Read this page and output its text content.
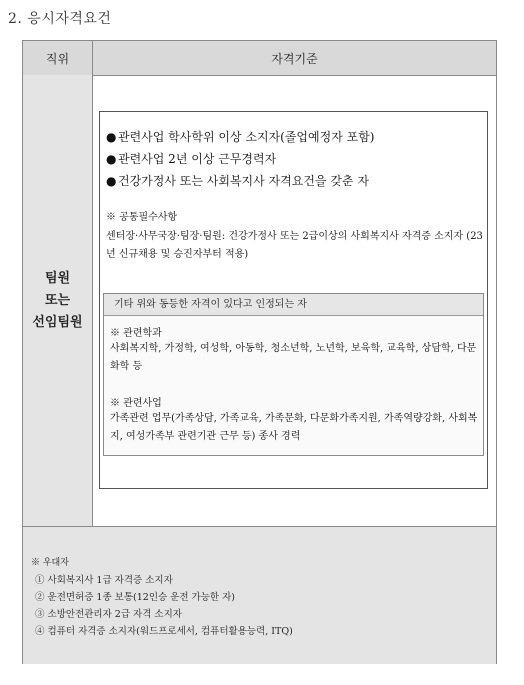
2. 응시자격요건
직위	자격기준
팀원
또는
선임팀원
● 관련사업 학사학위 이상 소지자(졸업예정자 포함)
● 관련사업 2년 이상 근무경력자
● 건강가정사 또는 사회복지사 자격요건을 갖춘 자
※ 공통필수사항
센터장·사무국장·팀장·팀원: 건강가정사 또는 2급이상의 사회복지사 자격증 소지자 (23년 신규채용 및 승진자부터 적용)
기타 위와 동등한 자격이 있다고 인정되는 자
※ 관련학과
사회복지학, 가정학, 여성학, 아동학, 청소년학, 노년학, 보육학, 교육학, 상담학, 다문화학 등
※ 관련사업
가족관련 업무(가족상담, 가족교육, 가족문화, 다문화가족지원, 가족역량강화, 사회복지, 여성가족부 관련기관 근무 등) 종사 경력
※ 우대자
① 사회복지사 1급 자격증 소지자
② 운전면허증 1종 보통(12인승 운전 가능한 자)
③ 소방안전관리자 2급 자격 소지자
④ 컴퓨터 자격증 소지자(워드프로세서, 컴퓨터활용능력, ITQ)
